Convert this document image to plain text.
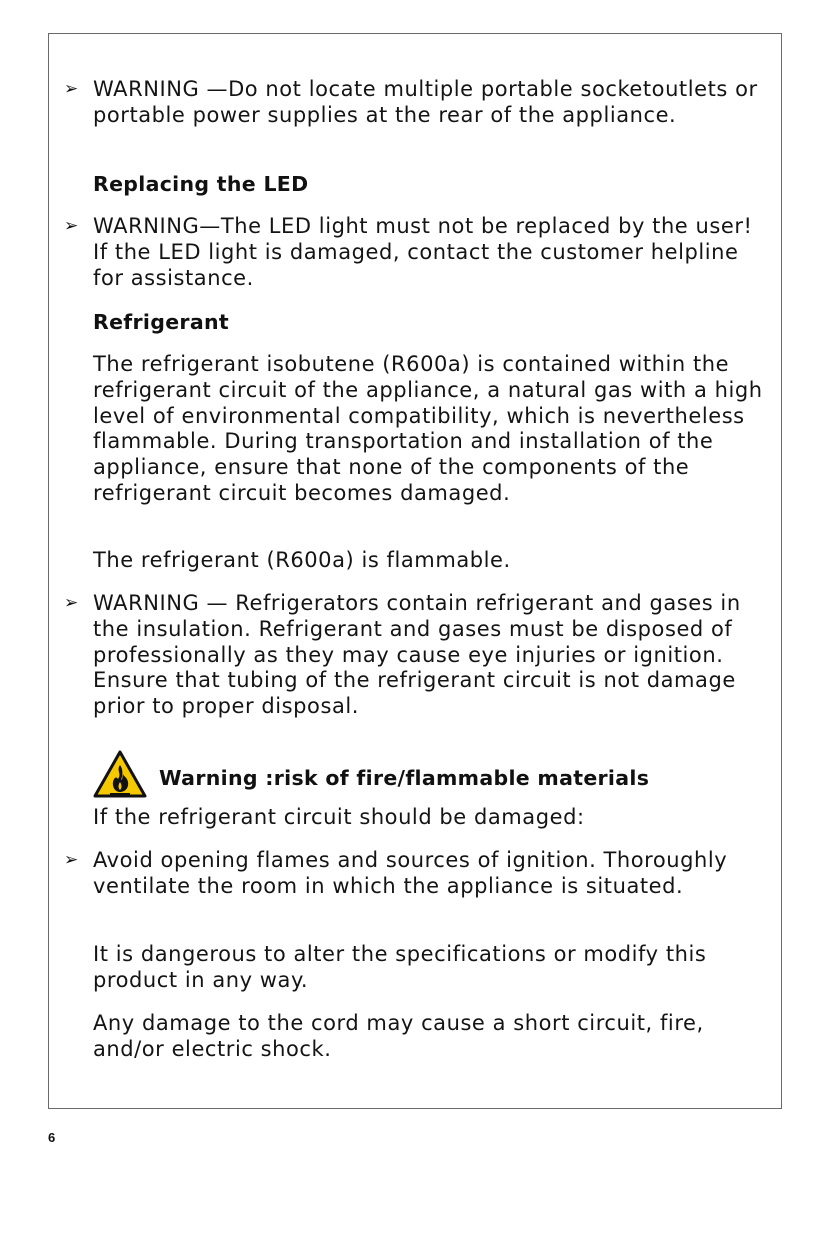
➢ WARNING —Do not locate multiple portable socketoutlets or portable power supplies at the rear of the appliance.

Replacing the LED
➢ WARNING—The LED light must not be replaced by the user! If the LED light is damaged, contact the customer helpline for assistance.

Refrigerant

The refrigerant isobutene (R600a) is contained within the refrigerant circuit of the appliance, a natural gas with a high level of environmental compatibility, which is nevertheless flammable. During transportation and installation of the appliance, ensure that none of the components of the refrigerant circuit becomes damaged.

The refrigerant (R600a) is flammable.

➢ WARNING — Refrigerators contain refrigerant and gases in the insulation. Refrigerant and gases must be disposed of professionally as they may cause eye injuries or ignition. Ensure that tubing of the refrigerant circuit is not damage prior to proper disposal.

Warning :risk of fire/flammable materials

If the refrigerant circuit should be damaged:

➢ Avoid opening flames and sources of ignition. Thoroughly ventilate the room in which the appliance is situated.

It is dangerous to alter the specifications or modify this product in any way.

Any damage to the cord may cause a short circuit, fire, and/or electric shock.

6
